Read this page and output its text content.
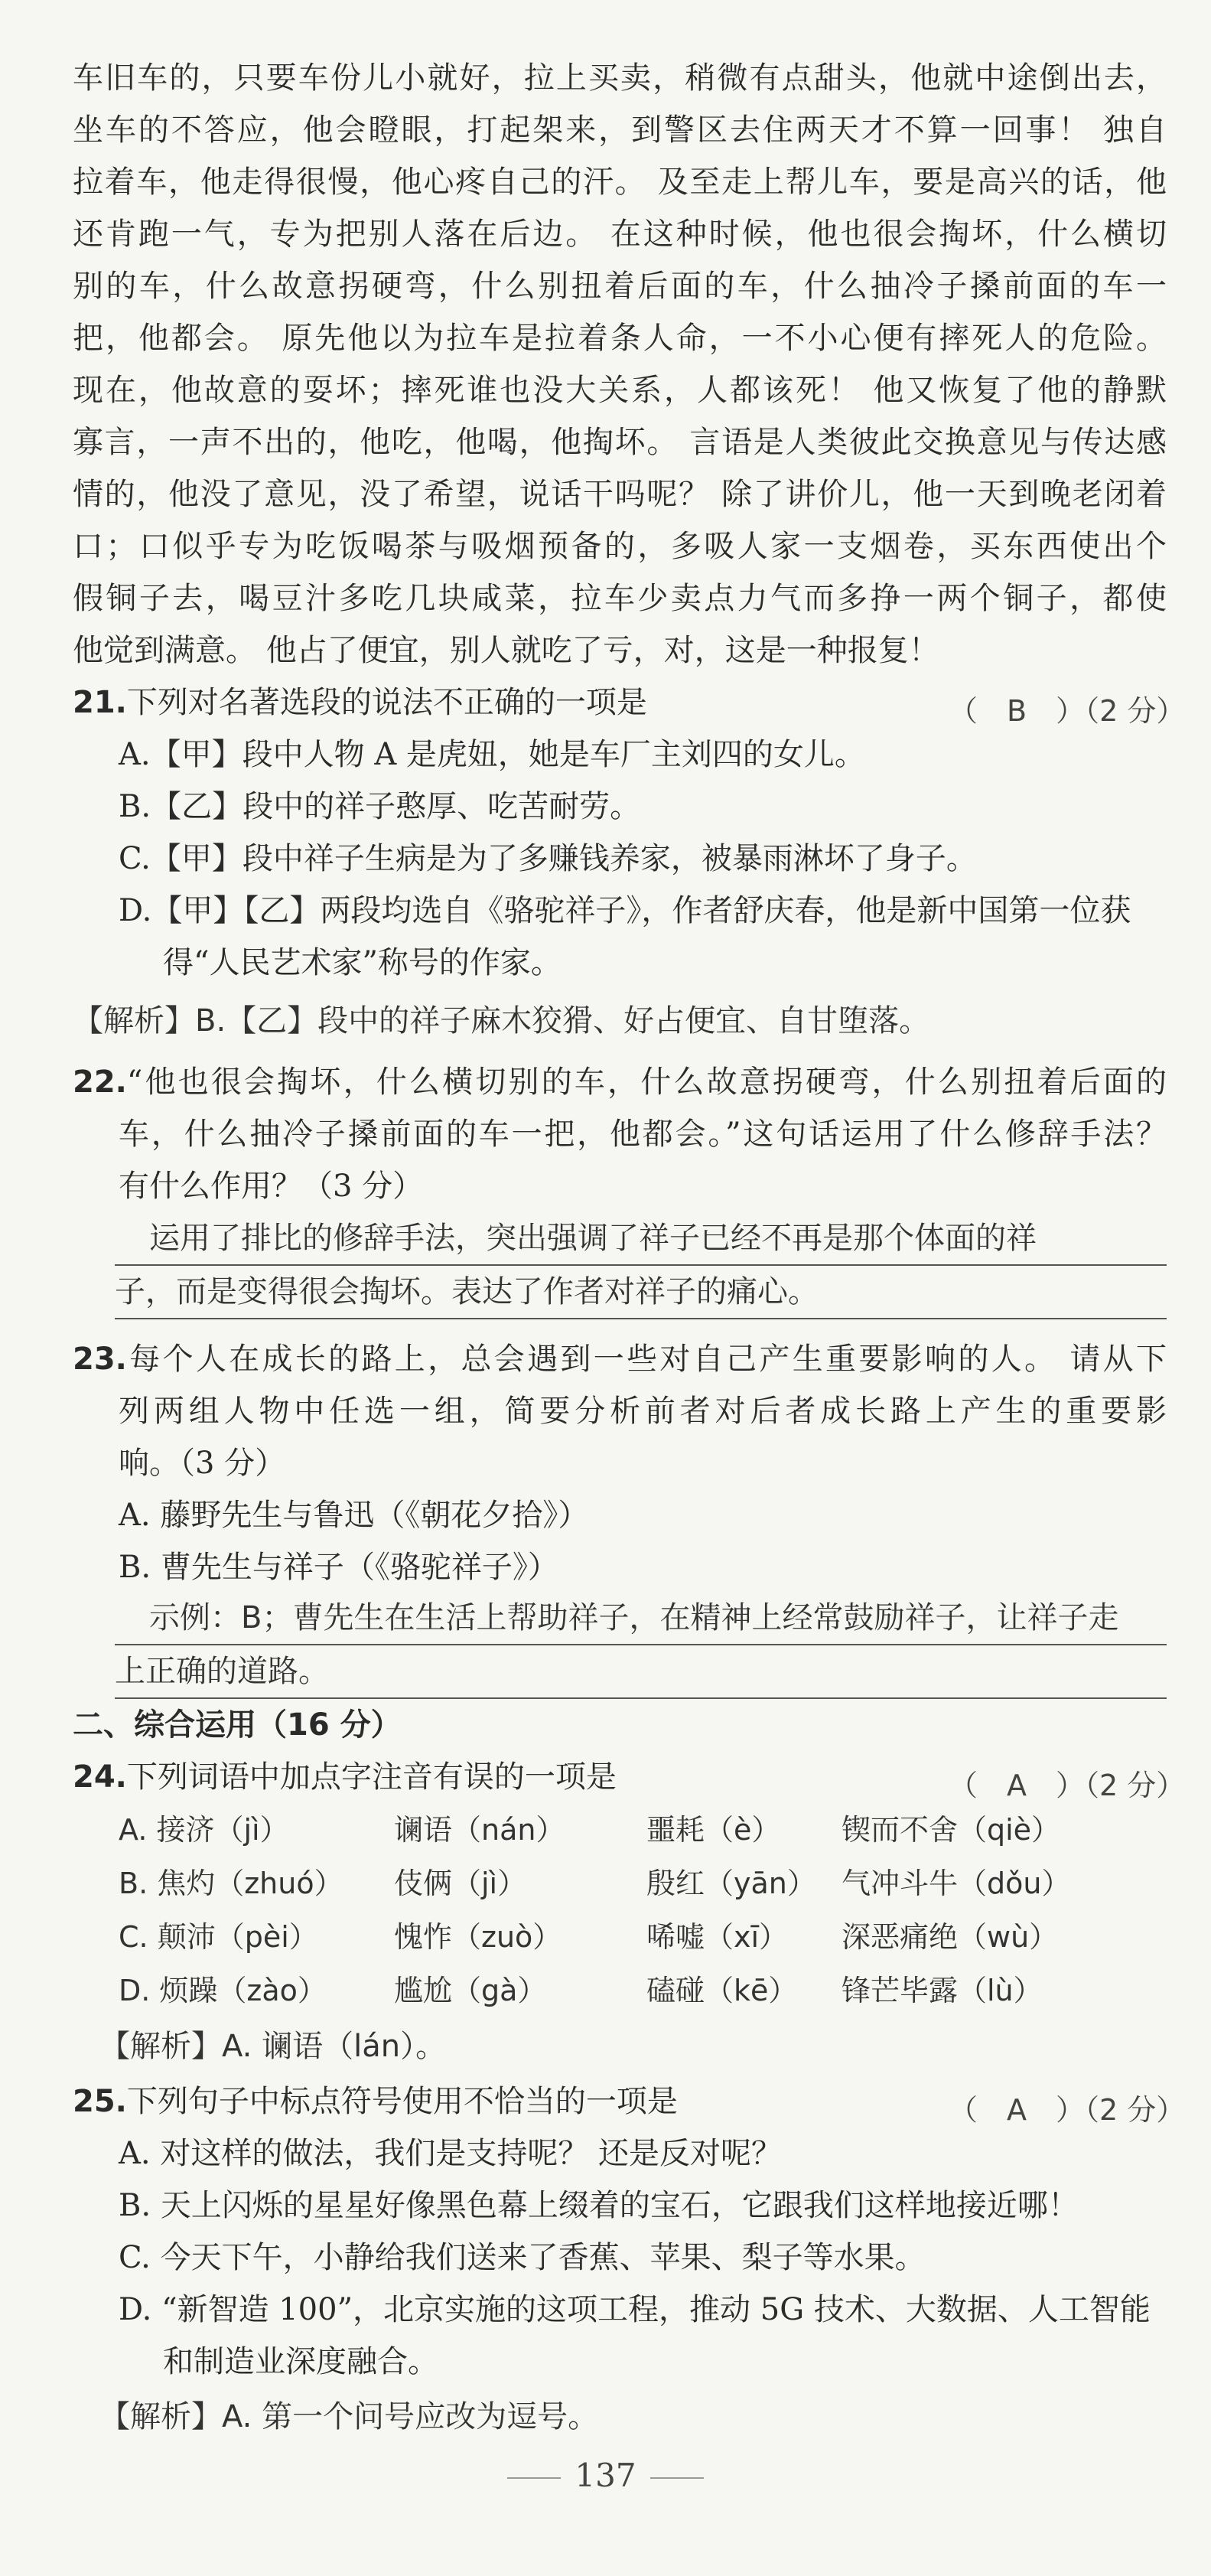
车旧车的，只要车份儿小就好，拉上买卖，稍微有点甜头，他就中途倒出去，
坐车的不答应，他会瞪眼，打起架来，到警区去住两天才不算一回事！ 独自
拉着车，他走得很慢，他心疼自己的汗。 及至走上帮儿车，要是高兴的话，他
还肯跑一气，专为把别人落在后边。 在这种时候，他也很会掏坏，什么横切
别的车，什么故意拐硬弯，什么别扭着后面的车，什么抽冷子搡前面的车一
把，他都会。 原先他以为拉车是拉着条人命，一不小心便有摔死人的危险。
现在，他故意的耍坏；摔死谁也没大关系，人都该死！ 他又恢复了他的静默
寡言，一声不出的，他吃，他喝，他掏坏。 言语是人类彼此交换意见与传达感
情的，他没了意见，没了希望，说话干吗呢？ 除了讲价儿，他一天到晚老闭着
口；口似乎专为吃饭喝茶与吸烟预备的，多吸人家一支烟卷，买东西使出个
假铜子去，喝豆汁多吃几块咸菜，拉车少卖点力气而多挣一两个铜子，都使
他觉到满意。 他占了便宜，别人就吃了亏，对，这是一种报复！
21.下列对名著选段的说法不正确的一项是
A.【甲】段中人物 A 是虎妞，她是车厂主刘四的女儿。
B.【乙】段中的祥子憨厚、吃苦耐劳。
C.【甲】段中祥子生病是为了多赚钱养家，被暴雨淋坏了身子。
D.【甲】【乙】两段均选自《骆驼祥子》，作者舒庆春，他是新中国第一位获
得“人民艺术家”称号的作家。
（　B　）（2 分）
【解析】B.【乙】段中的祥子麻木狡猾、好占便宜、自甘堕落。
22.“他也很会掏坏，什么横切别的车，什么故意拐硬弯，什么别扭着后面的
车，什么抽冷子搡前面的车一把，他都会。”这句话运用了什么修辞手法？
有什么作用？（3 分）
运用了排比的修辞手法，突出强调了祥子已经不再是那个体面的祥
子，而是变得很会掏坏。表达了作者对祥子的痛心。
23.每个人在成长的路上，总会遇到一些对自己产生重要影响的人。 请从下
列两组人物中任选一组，简要分析前者对后者成长路上产生的重要影
响。（3 分）
A. 藤野先生与鲁迅（《朝花夕拾》）
B. 曹先生与祥子（《骆驼祥子》）
示例：B；曹先生在生活上帮助祥子，在精神上经常鼓励祥子，让祥子走
上正确的道路。
二、综合运用（16 分）
24.下列词语中加点字注音有误的一项是	（　A　）（2 分）
A. 接济（jì）	谰语（nán）	噩耗（è） 锲而不舍（qiè）
B. 焦灼（zhuó） 伎俩（jì）	殷红（yān） 气冲斗牛（dǒu）
C. 颠沛（pèi）	愧怍（zuò）	唏嘘（xī） 深恶痛绝（wù）
D. 烦躁（zào） 尴尬（gà）	磕碰（kē） 锋芒毕露（lù）
【解析】A. 谰语（lán）。
25.下列句子中标点符号使用不恰当的一项是
A. 对这样的做法，我们是支持呢？ 还是反对呢？
B. 天上闪烁的星星好像黑色幕上缀着的宝石，它跟我们这样地接近哪！
C. 今天下午，小静给我们送来了香蕉、苹果、梨子等水果。
D. “新智造 100”，北京实施的这项工程，推动 5G 技术、大数据、人工智能
和制造业深度融合。
（　A　）（2 分）
【解析】A. 第一个问号应改为逗号。
137
